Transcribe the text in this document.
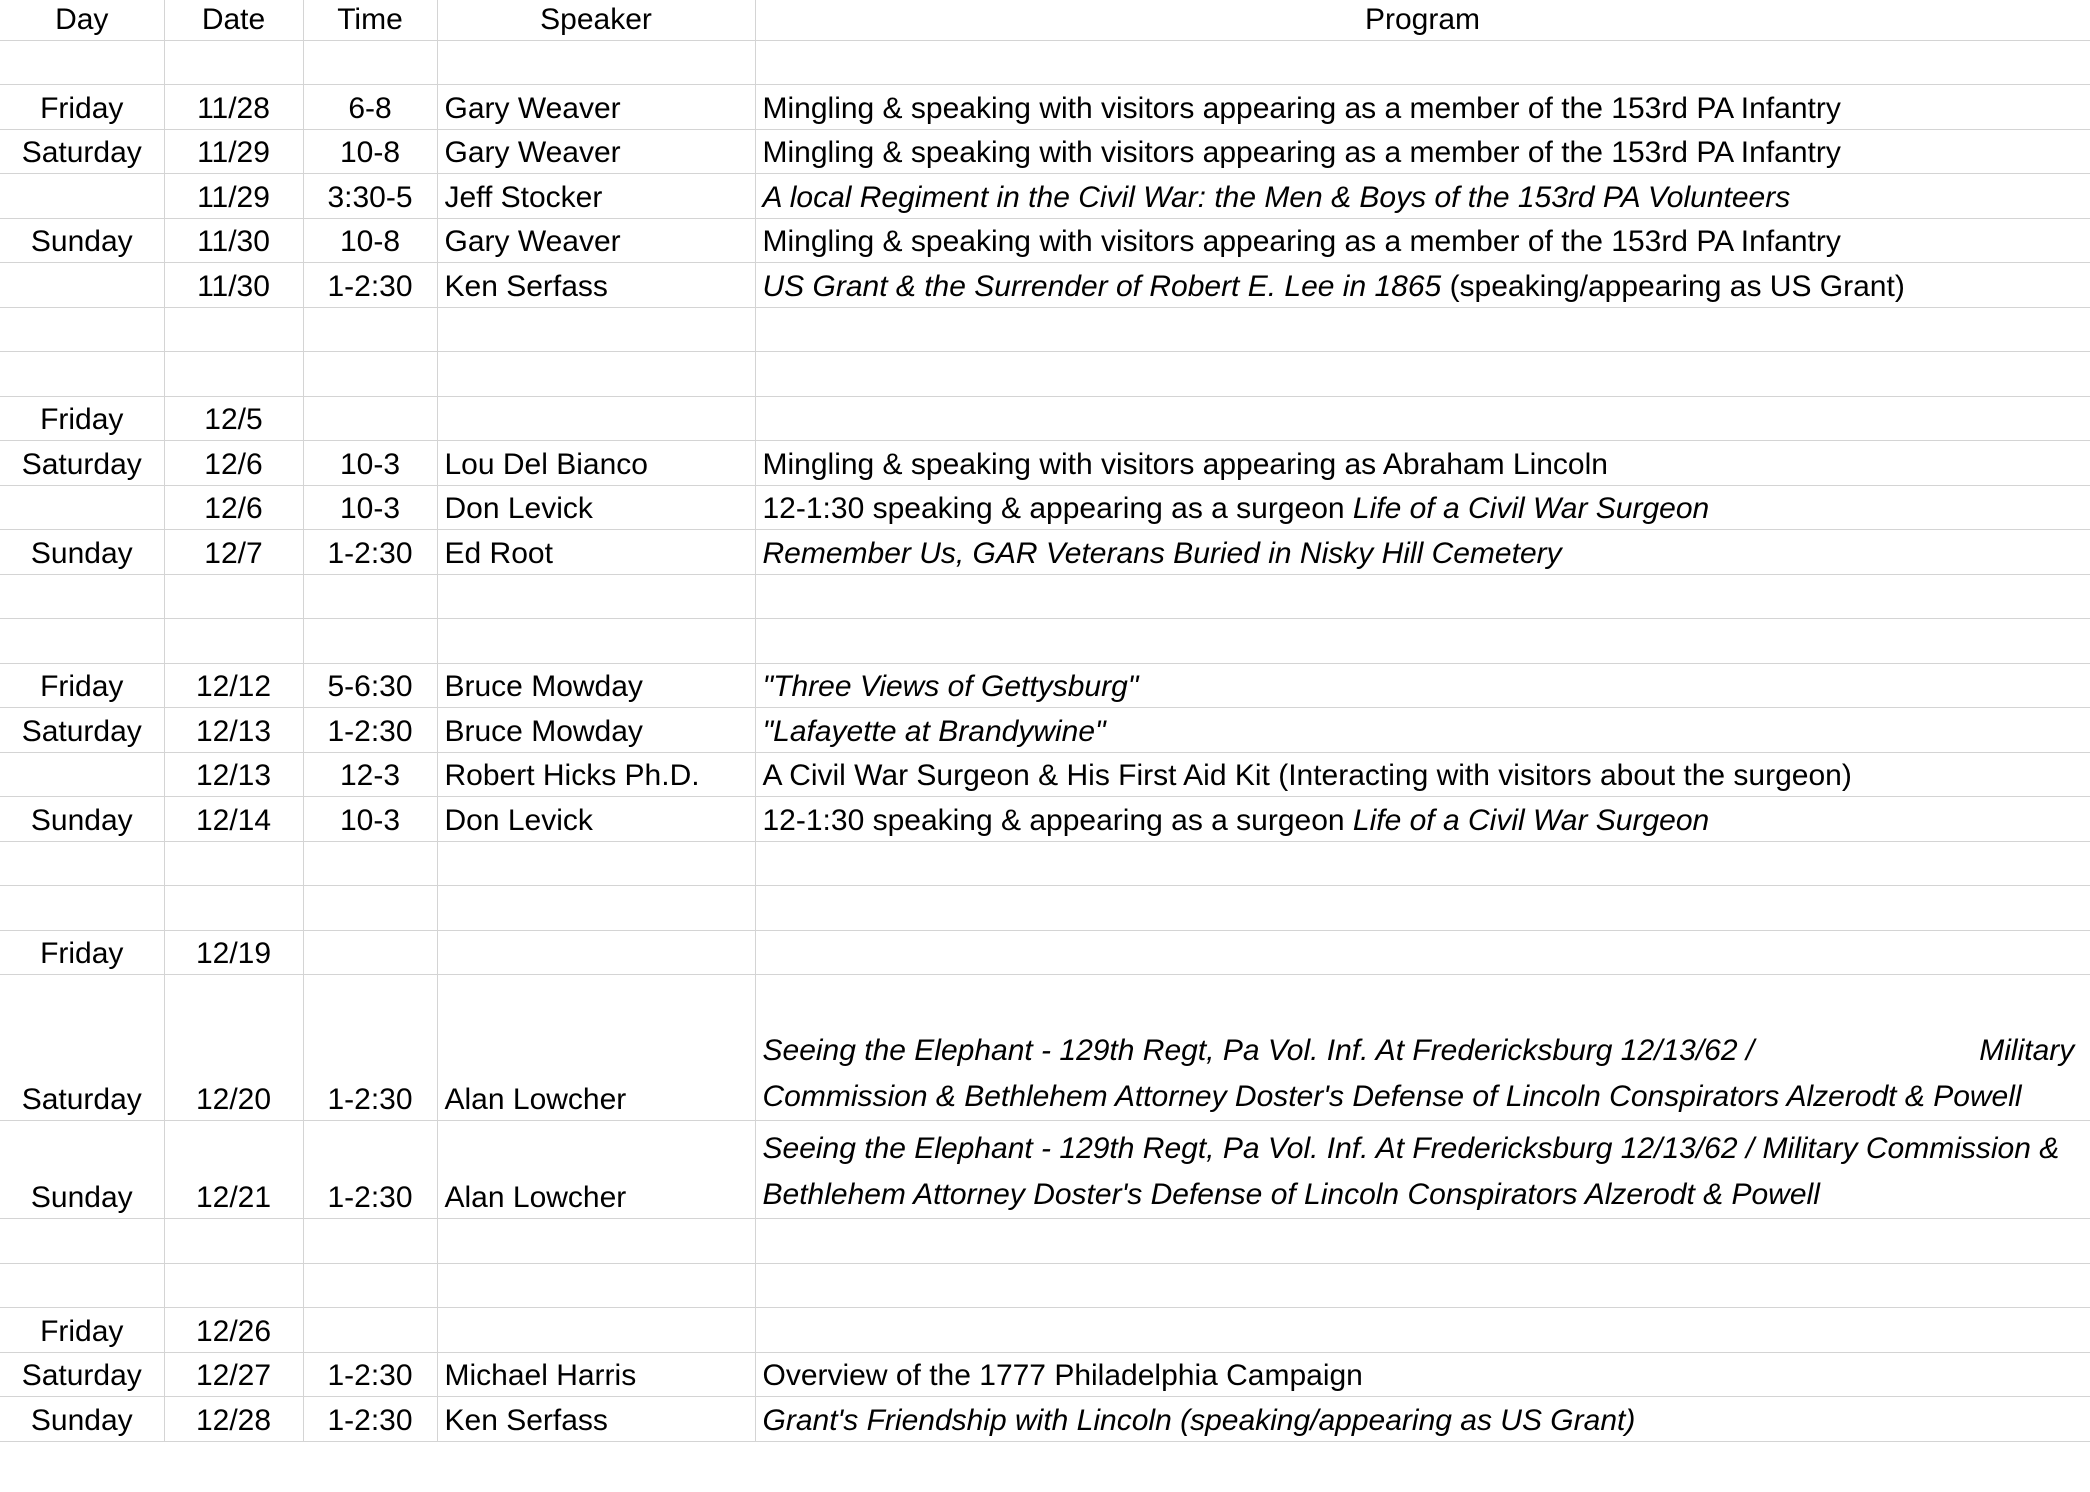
Day	Date	Time	Speaker	Program

Friday	11/28	6-8	Gary Weaver	Mingling & speaking with visitors appearing as a member of the 153rd PA Infantry
Saturday	11/29	10-8	Gary Weaver	Mingling & speaking with visitors appearing as a member of the 153rd PA Infantry
	11/29	3:30-5	Jeff Stocker	A local Regiment in the Civil War: the Men & Boys of the 153rd PA Volunteers
Sunday	11/30	10-8	Gary Weaver	Mingling & speaking with visitors appearing as a member of the 153rd PA Infantry
	11/30	1-2:30	Ken Serfass	US Grant & the Surrender of Robert E. Lee in 1865 (speaking/appearing as US Grant)

Friday	12/5			
Saturday	12/6	10-3	Lou Del Bianco	Mingling & speaking with visitors appearing as Abraham Lincoln
	12/6	10-3	Don Levick	12-1:30 speaking & appearing as a surgeon Life of a Civil War Surgeon
Sunday	12/7	1-2:30	Ed Root	Remember Us, GAR Veterans Buried in Nisky Hill Cemetery

Friday	12/12	5-6:30	Bruce Mowday	"Three Views of Gettysburg"
Saturday	12/13	1-2:30	Bruce Mowday	"Lafayette at Brandywine"
	12/13	12-3	Robert Hicks Ph.D.	A Civil War Surgeon & His First Aid Kit (Interacting with visitors about the surgeon)
Sunday	12/14	10-3	Don Levick	12-1:30 speaking & appearing as a surgeon Life of a Civil War Surgeon

Friday	12/19			
Saturday	12/20	1-2:30	Alan Lowcher	Seeing the Elephant - 129th Regt, Pa Vol. Inf. At Fredericksburg 12/13/62 /                           Military
Commission & Bethlehem Attorney Doster's Defense of Lincoln Conspirators Alzerodt & Powell

Sunday	12/21	1-2:30	Alan Lowcher	Seeing the Elephant - 129th Regt, Pa Vol. Inf. At Fredericksburg 12/13/62 / Military Commission &
Bethlehem Attorney Doster's Defense of Lincoln Conspirators Alzerodt & Powell

Friday	12/26			
Saturday	12/27	1-2:30	Michael Harris	Overview of the 1777 Philadelphia Campaign
Sunday	12/28	1-2:30	Ken Serfass	Grant's Friendship with Lincoln (speaking/appearing as US Grant)
